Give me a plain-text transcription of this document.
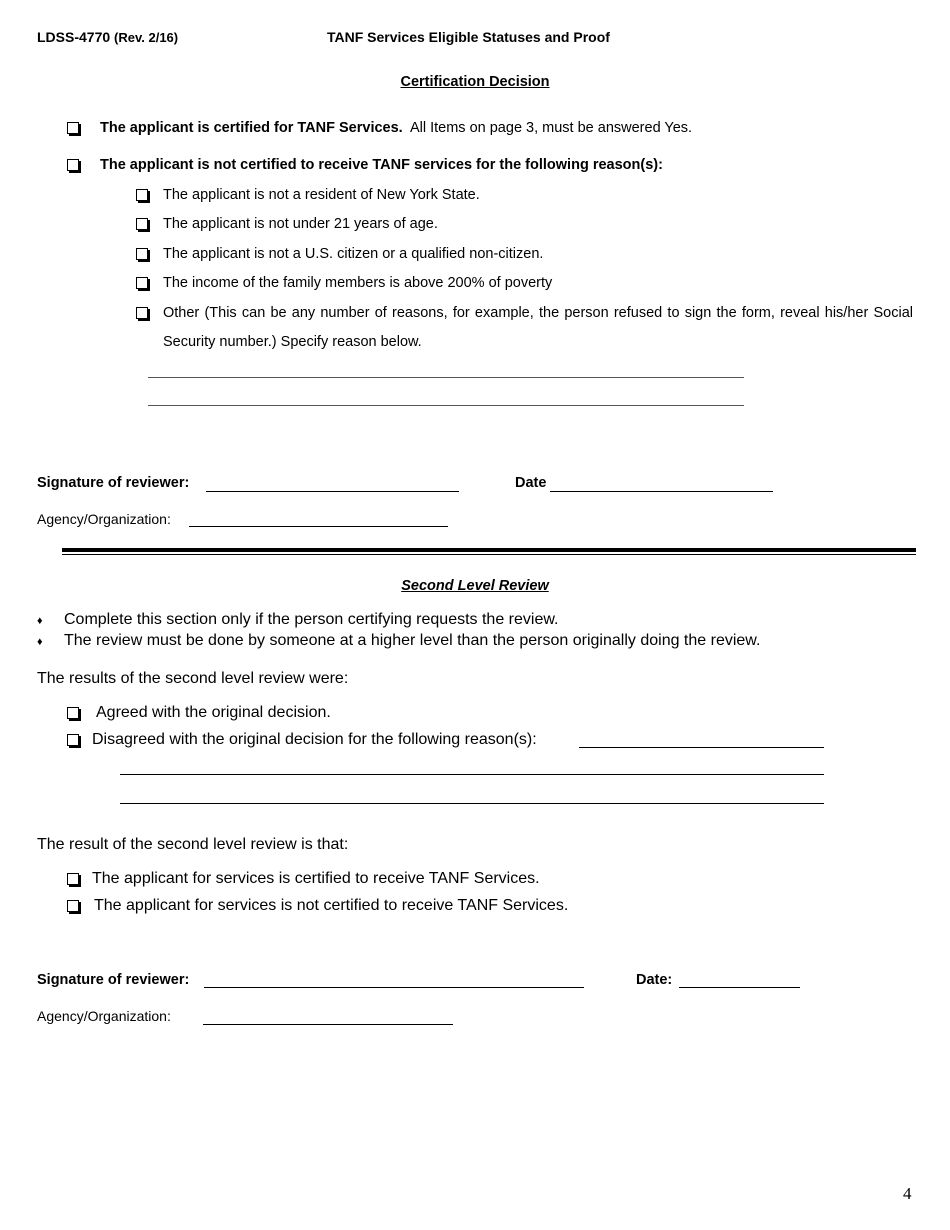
LDSS-4770 (Rev. 2/16)	TANF Services Eligible Statuses and Proof
Certification Decision
The applicant is certified for TANF Services. All Items on page 3, must be answered Yes.
The applicant is not certified to receive TANF services for the following reason(s):
The applicant is not a resident of New York State.
The applicant is not under 21 years of age.
The applicant is not a U.S. citizen or a qualified non-citizen.
The income of the family members is above 200% of poverty
Other (This can be any number of reasons, for example, the person refused to sign the form, reveal his/her Social
Security number.) Specify reason below.
Signature of reviewer:	Date
Agency/Organization:
Second Level Review
♦ Complete this section only if the person certifying requests the review.
♦ The review must be done by someone at a higher level than the person originally doing the review.
The results of the second level review were:
Agreed with the original decision.
Disagreed with the original decision for the following reason(s):
The result of the second level review is that:
The applicant for services is certified to receive TANF Services.
The applicant for services is not certified to receive TANF Services.
Signature of reviewer:	Date:
Agency/Organization:
4
